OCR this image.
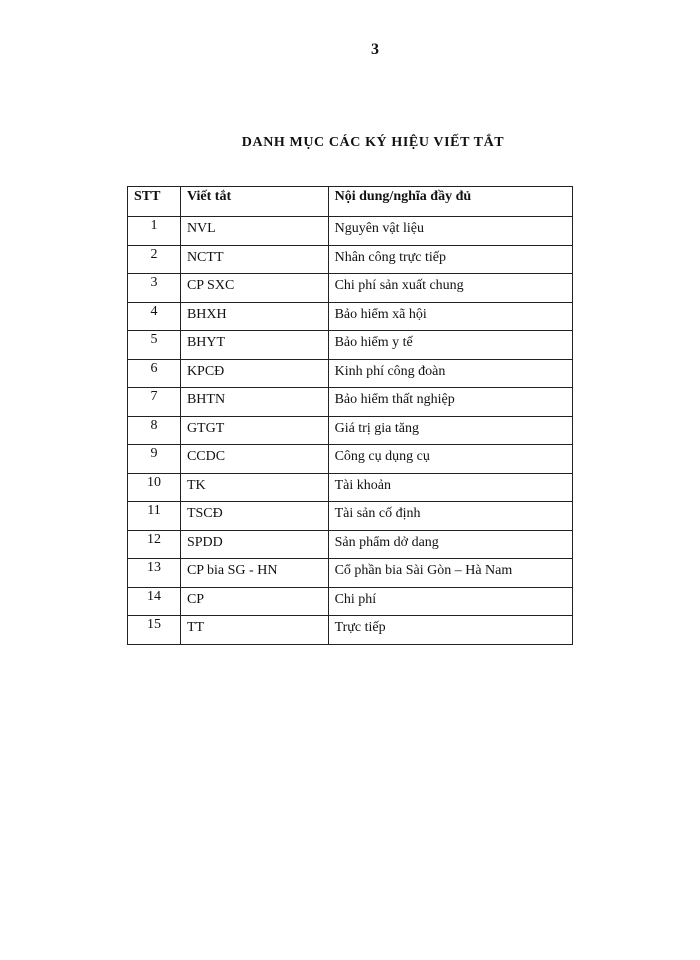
3
DANH MỤC CÁC KÝ HIỆU VIẾT TẮT
STT	Viết tắt	Nội dung/nghĩa đầy đủ
1	NVL	Nguyên vật liệu
2	NCTT	Nhân công trực tiếp
3	CP SXC	Chi phí sản xuất chung
4	BHXH	Bảo hiểm xã hội
5	BHYT	Bảo hiểm y tế
6	KPCĐ	Kinh phí công đoàn
7	BHTN	Bảo hiểm thất nghiệp
8	GTGT	Giá trị gia tăng
9	CCDC	Công cụ dụng cụ
10	TK	Tài khoản
11	TSCĐ	Tài sản cố định
12	SPDD	Sản phẩm dở dang
13	CP bia SG - HN	Cổ phần bia Sài Gòn – Hà Nam
14	CP	Chi phí
15	TT	Trực tiếp
